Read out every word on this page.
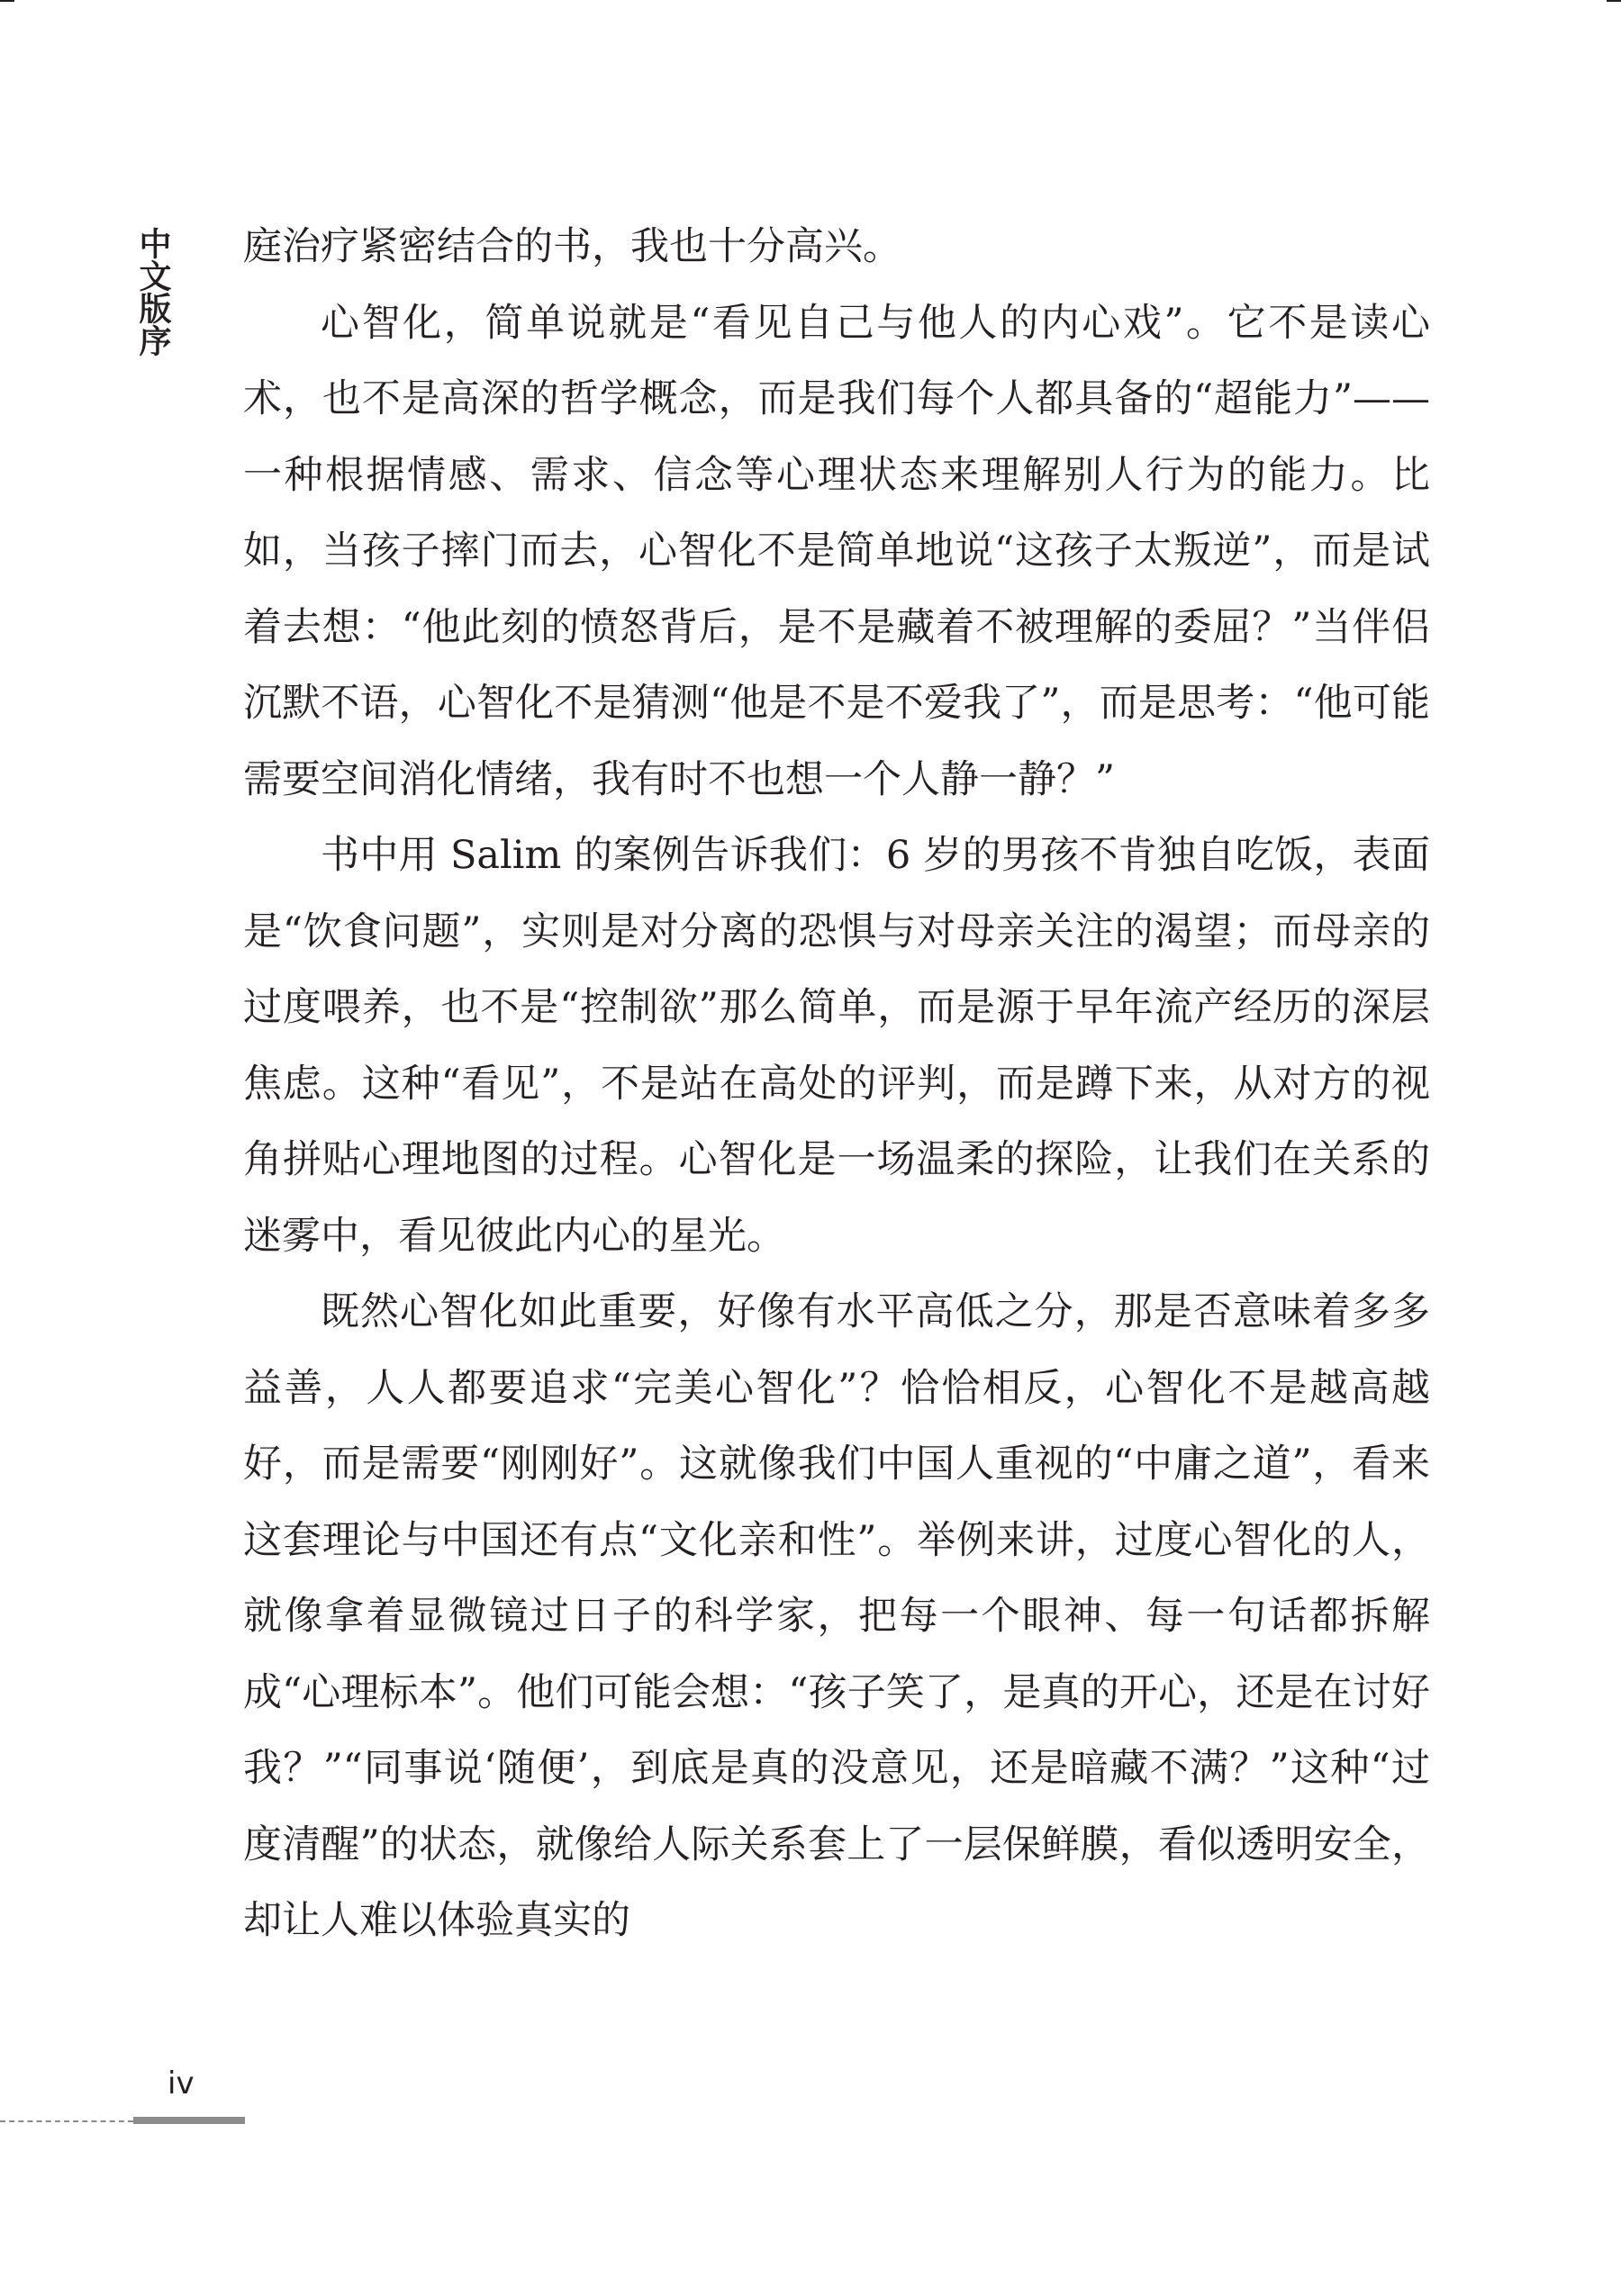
中文版序 庭治疗紧密结合的书，我也十分高兴。

心智化，简单说就是“看见自己与他人的内心戏”。它不是读心术，也不是高深的哲学概念，而是我们每个人都具备的“超能力”——一种根据情感、需求、信念等心理状态来理解别人行为的能力。比如，当孩子摔门而去，心智化不是简单地说“这孩子太叛逆”，而是试着去想：“他此刻的愤怒背后，是不是藏着不被理解的委屈？”当伴侣沉默不语，心智化不是猜测“他是不是不爱我了”，而是思考：“他可能需要空间消化情绪，我有时不也想一个人静一静？”

书中用 Salim 的案例告诉我们：6 岁的男孩不肯独自吃饭，表面是“饮食问题”，实则是对分离的恐惧与对母亲关注的渴望；而母亲的过度喂养，也不是“控制欲”那么简单，而是源于早年流产经历的深层焦虑。这种“看见”，不是站在高处的评判，而是蹲下来，从对方的视角拼贴心理地图的过程。心智化是一场温柔的探险，让我们在关系的迷雾中，看见彼此内心的星光。

既然心智化如此重要，好像有水平高低之分，那是否意味着多多益善，人人都要追求“完美心智化”？恰恰相反，心智化不是越高越好，而是需要“刚刚好”。这就像我们中国人重视的“中庸之道”，看来这套理论与中国还有点“文化亲和性”。举例来讲，过度心智化的人，就像拿着显微镜过日子的科学家，把每一个眼神、每一句话都拆解成“心理标本”。他们可能会想：“孩子笑了，是真的开心，还是在讨好我？”“同事说‘随便’，到底是真的没意见，还是暗藏不满？”这种“过度清醒”的状态，就像给人际关系套上了一层保鲜膜，看似透明安全，却让人难以体验真实的

iv
